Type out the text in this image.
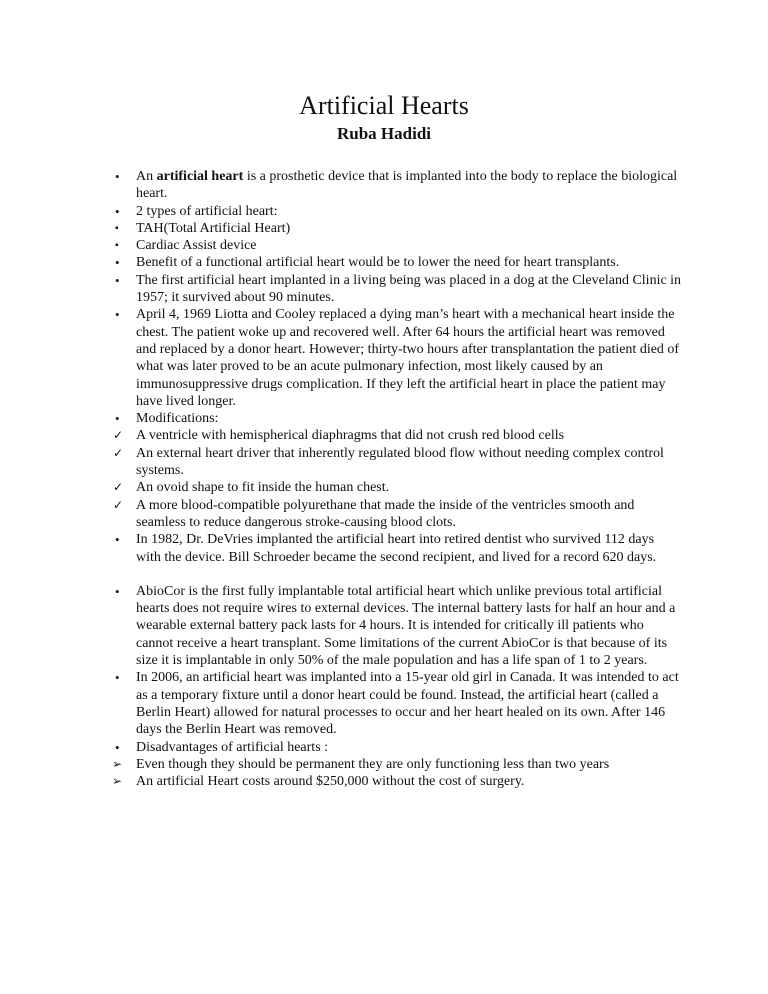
Artificial Hearts
Ruba Hadidi
•	An artificial heart is a prosthetic device that is implanted into the body to replace the biological heart.
•	2 types of artificial heart:
▪	TAH(Total Artificial Heart)
▪	Cardiac Assist device
•	Benefit of a functional artificial heart would be to lower the need for heart transplants.
•	The first artificial heart implanted in a living being was placed in a dog at the Cleveland Clinic in 1957; it survived about 90 minutes.
•	April 4, 1969 Liotta and Cooley replaced a dying man’s heart with a mechanical heart inside the chest. The patient woke up and recovered well. After 64 hours the artificial heart was removed and replaced by a donor heart. However; thirty-two hours after transplantation the patient died of what was later proved to be an acute pulmonary infection, most likely caused by an immunosuppressive drugs complication. If they left the artificial heart in place the patient may have lived longer.
•	Modifications:
✓ A ventricle with hemispherical diaphragms that did not crush red blood cells
✓ An external heart driver that inherently regulated blood flow without needing complex control systems.
✓ An ovoid shape to fit inside the human chest.
✓ A more blood-compatible polyurethane that made the inside of the ventricles smooth and seamless to reduce dangerous stroke-causing blood clots.
•	In 1982, Dr. DeVries implanted the artificial heart into retired dentist who survived 112 days with the device. Bill Schroeder became the second recipient, and lived for a record 620 days.
•	AbioCor is the first fully implantable total artificial heart which unlike previous total artificial hearts does not require wires to external devices. The internal battery lasts for half an hour and a wearable external battery pack lasts for 4 hours. It is intended for critically ill patients who cannot receive a heart transplant. Some limitations of the current AbioCor is that because of its size it is implantable in only 50% of the male population and has a life span of 1 to 2 years.
•	In 2006, an artificial heart was implanted into a 15-year old girl in Canada. It was intended to act as a temporary fixture until a donor heart could be found. Instead, the artificial heart (called a Berlin Heart) allowed for natural processes to occur and her heart healed on its own. After 146 days the Berlin Heart was removed.
•	Disadvantages of artificial hearts :
➢ Even though they should be permanent they are only functioning less than two years
➢ An artificial Heart costs around $250,000 without the cost of surgery.
